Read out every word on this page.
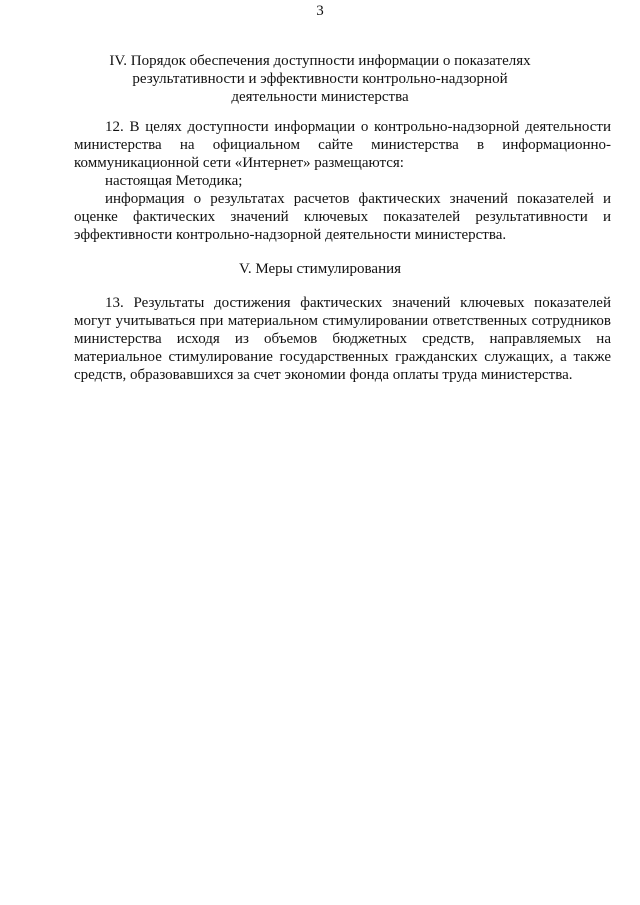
3
IV. Порядок обеспечения доступности информации о показателях
результативности и эффективности контрольно-надзорной
деятельности министерства

12. В целях доступности информации о контрольно-надзорной деятельности министерства на официальном сайте министерства в информационно-коммуникационной сети «Интернет» размещаются:

настоящая Методика;

информация о результатах расчетов фактических значений показателей и оценке фактических значений ключевых показателей результативности и эффективности контрольно-надзорной деятельности министерства.

V. Меры стимулирования

13. Результаты достижения фактических значений ключевых показателей могут учитываться при материальном стимулировании ответственных сотрудников министерства исходя из объемов бюджетных средств, направляемых на материальное стимулирование государственных гражданских служащих, а также средств, образовавшихся за счет экономии фонда оплаты труда министерства.
